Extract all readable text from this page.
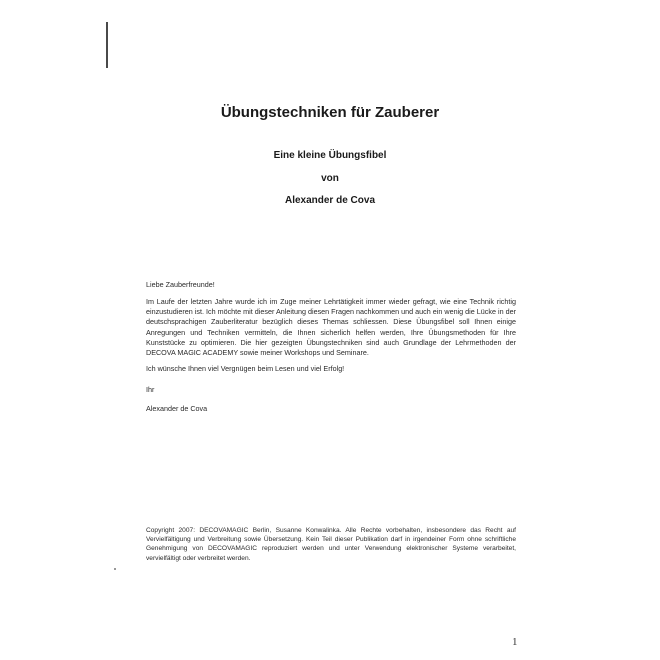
Übungstechniken für Zauberer
Eine kleine Übungsfibel
von
Alexander de Cova
Liebe Zauberfreunde!
Im Laufe der letzten Jahre wurde ich im Zuge meiner Lehrtätigkeit immer wieder gefragt, wie eine Technik richtig einzustudieren ist. Ich möchte mit dieser Anleitung diesen Fragen nachkommen und auch ein wenig die Lücke in der deutschsprachigen Zauberliteratur bezüglich dieses Themas schliessen. Diese Übungsfibel soll Ihnen einige Anregungen und Techniken vermitteln, die Ihnen sicherlich helfen werden, Ihre Übungsmethoden für Ihre Kunststücke zu optimieren. Die hier gezeigten Übungstechniken sind auch Grundlage der Lehrmethoden der DECOVA MAGIC ACADEMY sowie meiner Workshops und Seminare.
Ich wünsche Ihnen viel Vergnügen beim Lesen und viel Erfolg!
Ihr
Alexander de Cova
Copyright 2007: DECOVAMAGIC Berlin, Susanne Konwalinka. Alle Rechte vorbehalten, insbesondere das Recht auf Vervielfältigung und Verbreitung sowie Übersetzung. Kein Teil dieser Publikation darf in irgendeiner Form ohne schriftliche Genehmigung von DECOVAMAGIC reproduziert werden und unter Verwendung elektronischer Systeme verarbeitet, vervielfältigt oder verbreitet werden.
1
